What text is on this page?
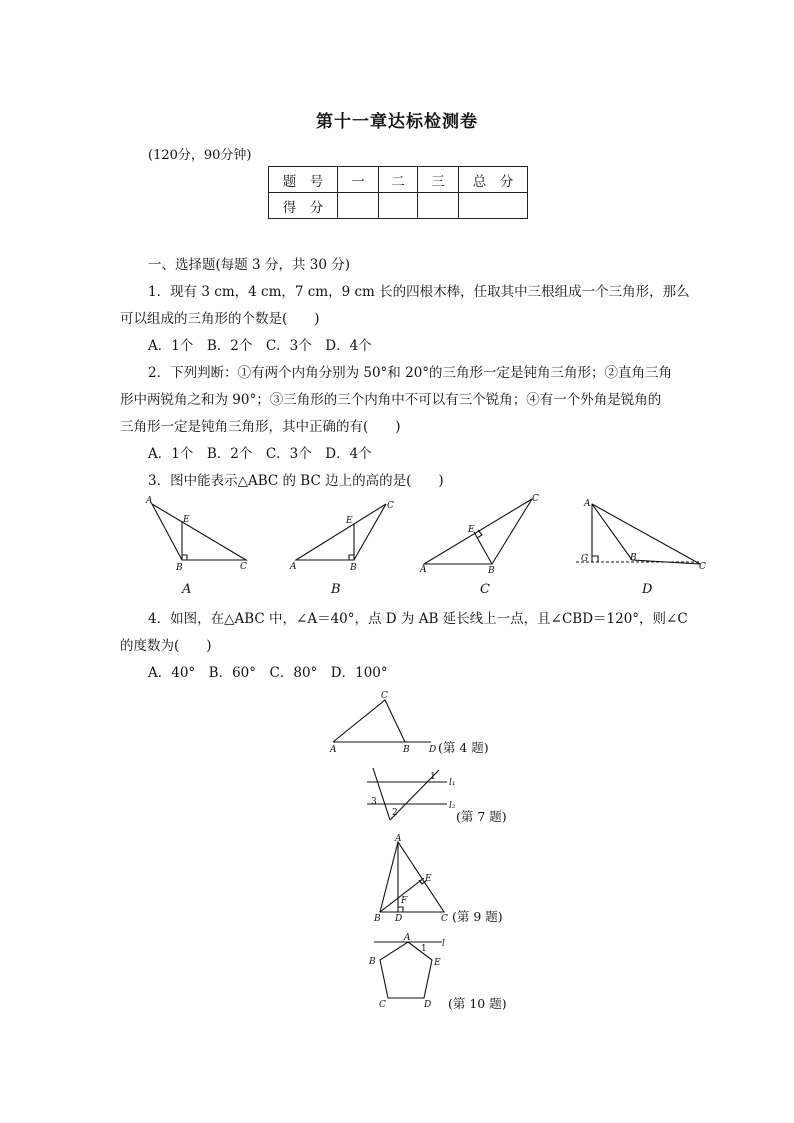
第十一章达标检测卷
(120分，90分钟)
题　号	一	二	三	总　分
得　分				
一、选择题(每题 3 分，共 30 分)
1．现有 3 cm，4 cm，7 cm，9 cm 长的四根木棒，任取其中三根组成一个三角形，那么
可以组成的三角形的个数是(　　)
A．1个　B．2个　C．3个　D．4个
2．下列判断：①有两个内角分别为 50°和 20°的三角形一定是钝角三角形；②直角三角
形中两锐角之和为 90°；③三角形的三个内角中不可以有三个锐角；④有一个外角是锐角的
三角形一定是钝角三角形，其中正确的有(　　)
A．1个　B．2个　C．3个　D．4个
3．图中能表示△ABC 的 BC 边上的高的是(　　)
A
E
B	C	A
E
B
C
A
E
B
C	A
G	B
C
A	B	C	D
4．如图，在△ABC 中，∠A＝40°，点 D 为 AB 延长线上一点，且∠CBD＝120°，则∠C
的度数为(　　)
A．40°　B．60°　C．80°　D．100°
C
A	B D (第 4 题)
1
2
3
l₁
l₂
(第 7 题)
A
E
F
B D	C (第 9 题)
A
B	E
C	D
l
1
(第 10 题)
